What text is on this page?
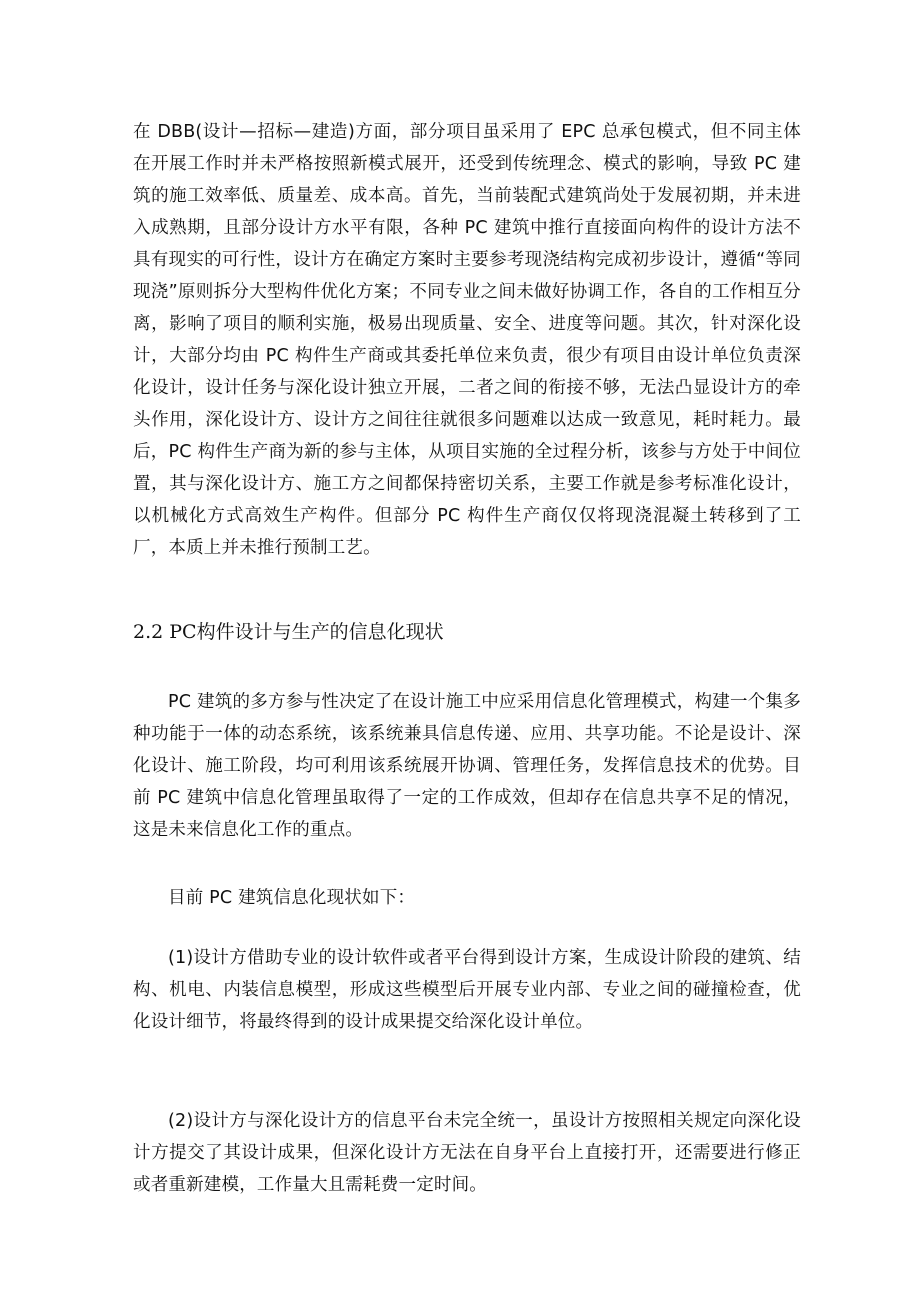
在 DBB(设计—招标—建造)方面，部分项目虽采用了 EPC 总承包模式，但不同主体在开展工作时并未严格按照新模式展开，还受到传统理念、模式的影响，导致 PC 建筑的施工效率低、质量差、成本高。首先，当前装配式建筑尚处于发展初期，并未进入成熟期，且部分设计方水平有限，各种 PC 建筑中推行直接面向构件的设计方法不具有现实的可行性，设计方在确定方案时主要参考现浇结构完成初步设计，遵循“等同现浇”原则拆分大型构件优化方案；不同专业之间未做好协调工作，各自的工作相互分离，影响了项目的顺利实施，极易出现质量、安全、进度等问题。其次，针对深化设计，大部分均由 PC 构件生产商或其委托单位来负责，很少有项目由设计单位负责深化设计，设计任务与深化设计独立开展，二者之间的衔接不够，无法凸显设计方的牵头作用，深化设计方、设计方之间往往就很多问题难以达成一致意见，耗时耗力。最后，PC 构件生产商为新的参与主体，从项目实施的全过程分析，该参与方处于中间位置，其与深化设计方、施工方之间都保持密切关系，主要工作就是参考标准化设计，以机械化方式高效生产构件。但部分 PC 构件生产商仅仅将现浇混凝土转移到了工厂，本质上并未推行预制工艺。

2.2 PC构件设计与生产的信息化现状

PC 建筑的多方参与性决定了在设计施工中应采用信息化管理模式，构建一个集多种功能于一体的动态系统，该系统兼具信息传递、应用、共享功能。不论是设计、深化设计、施工阶段，均可利用该系统展开协调、管理任务，发挥信息技术的优势。目前 PC 建筑中信息化管理虽取得了一定的工作成效，但却存在信息共享不足的情况，这是未来信息化工作的重点。

目前 PC 建筑信息化现状如下：

(1)设计方借助专业的设计软件或者平台得到设计方案，生成设计阶段的建筑、结构、机电、内装信息模型，形成这些模型后开展专业内部、专业之间的碰撞检查，优化设计细节，将最终得到的设计成果提交给深化设计单位。

(2)设计方与深化设计方的信息平台未完全统一，虽设计方按照相关规定向深化设计方提交了其设计成果，但深化设计方无法在自身平台上直接打开，还需要进行修正或者重新建模，工作量大且需耗费一定时间。
